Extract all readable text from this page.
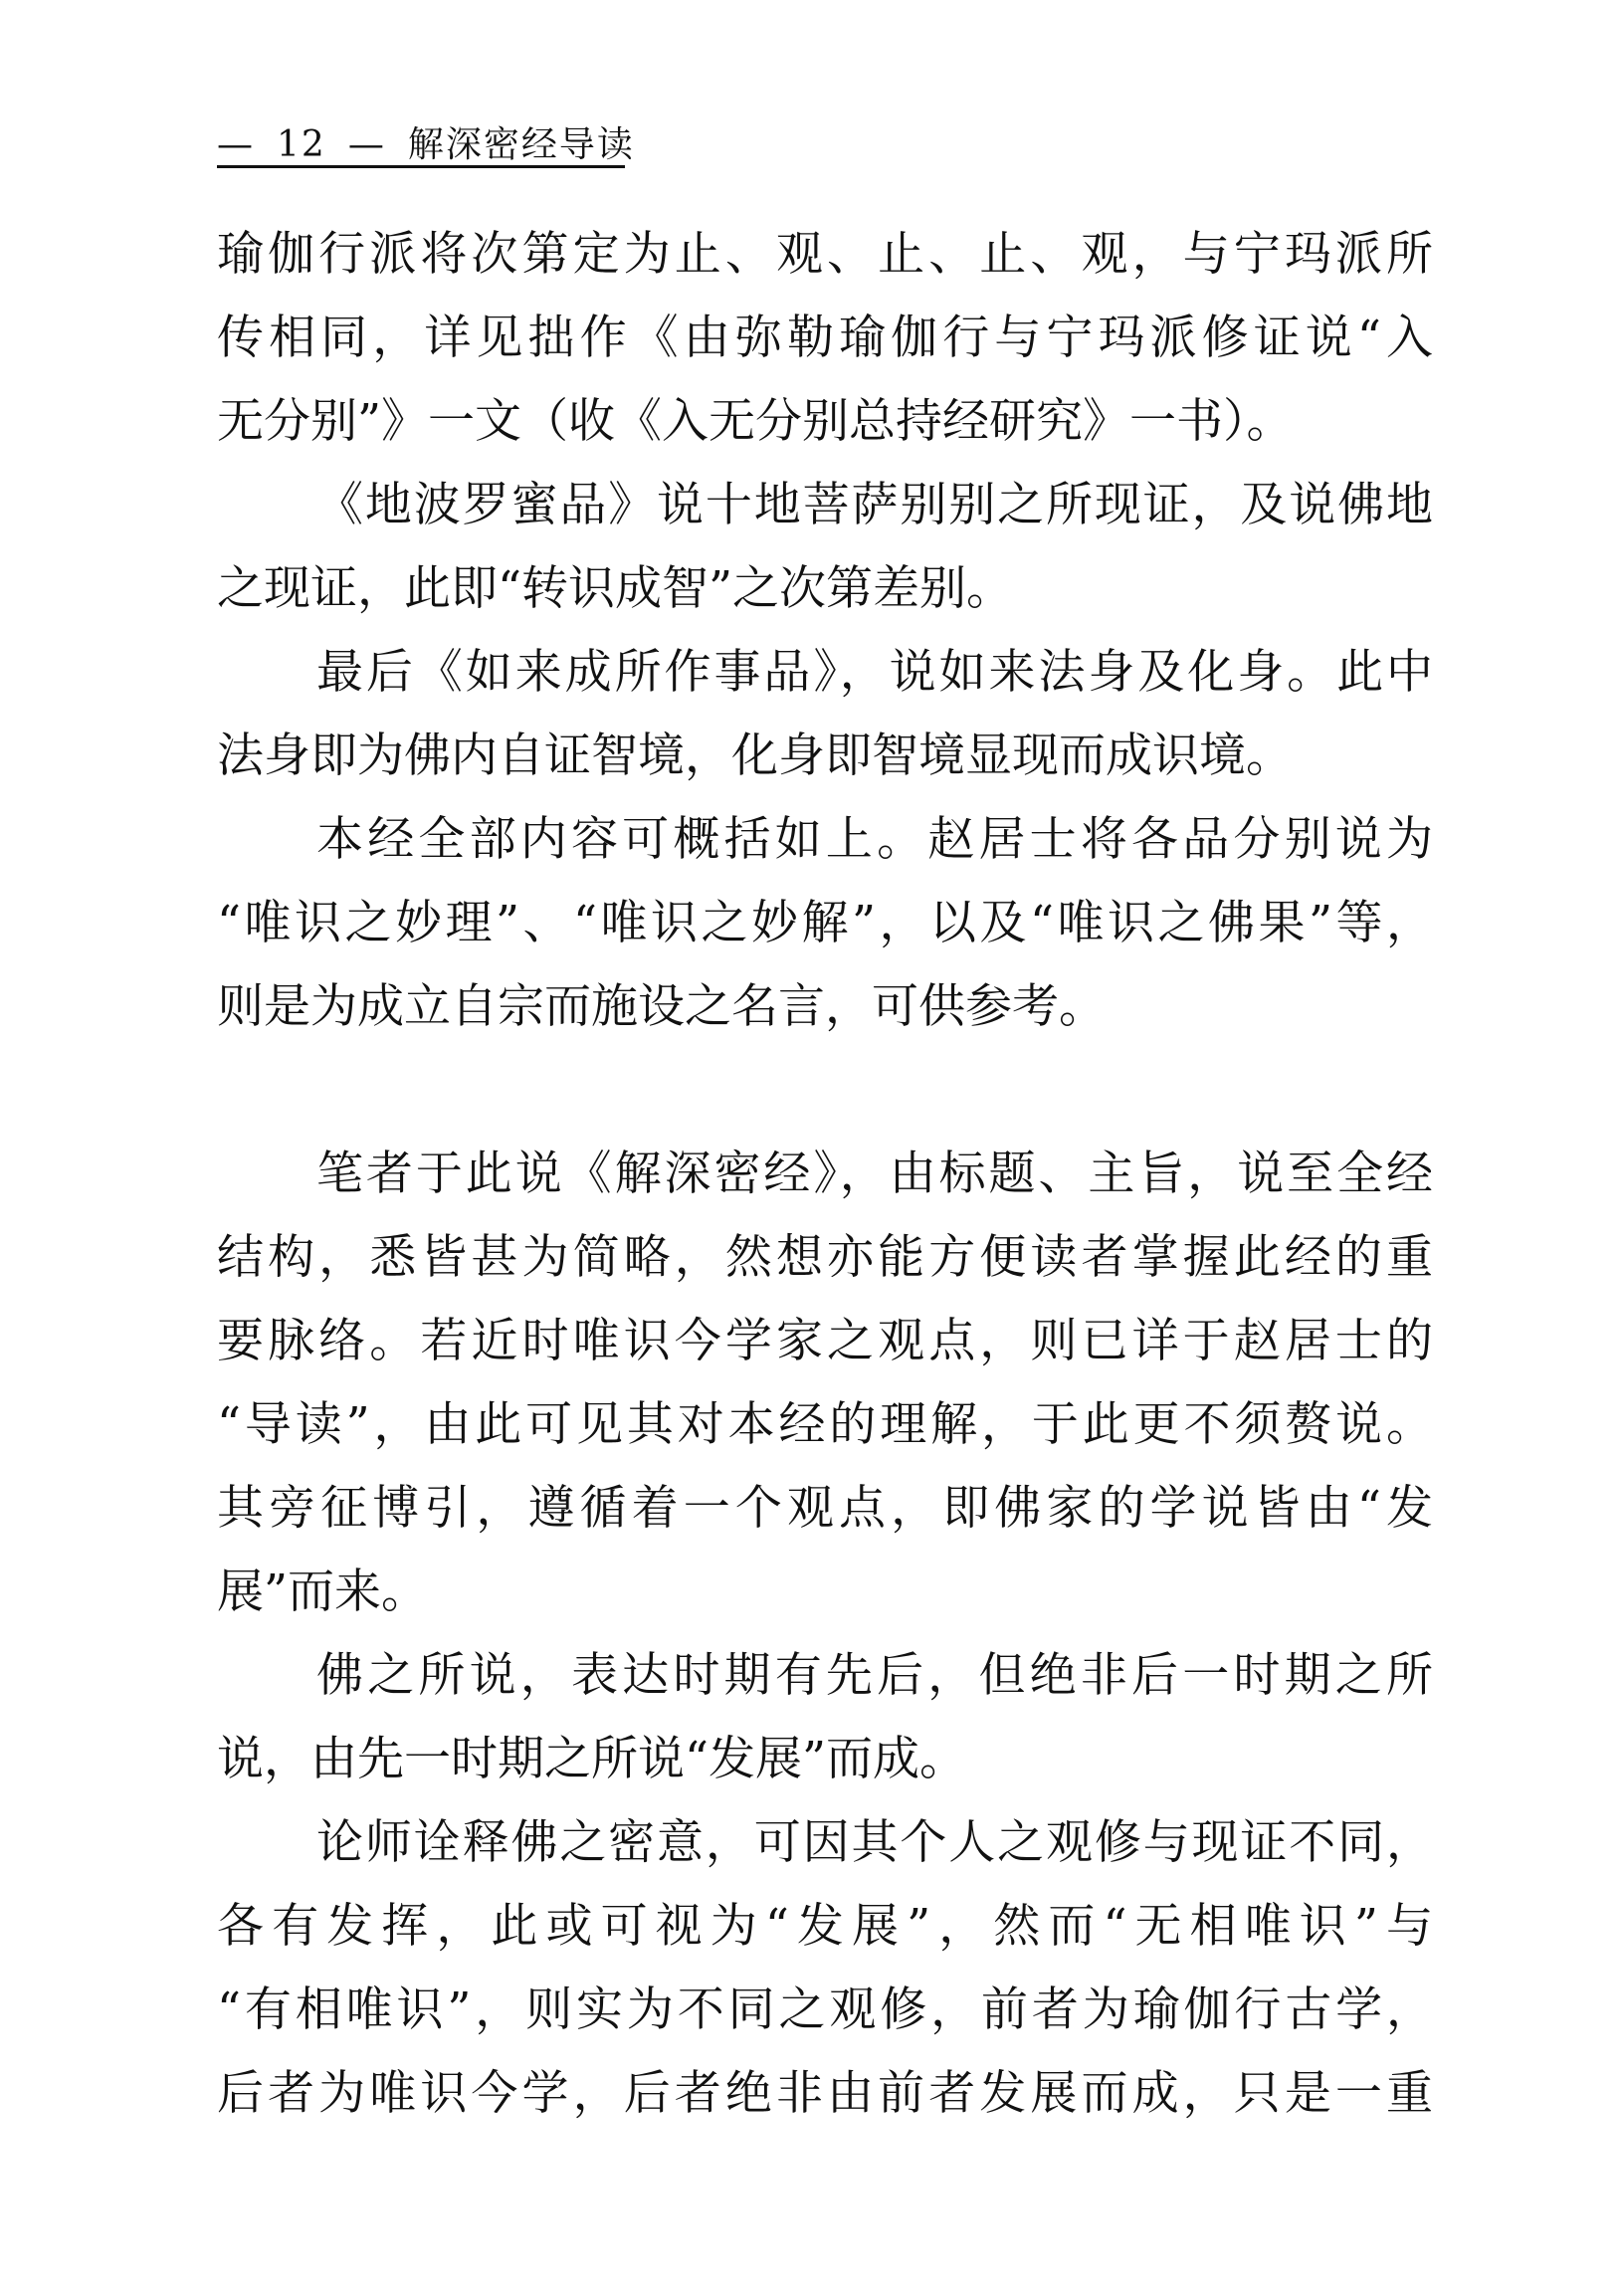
— 12 — 解深密经导读
瑜伽行派将次第定为止、观、止、止、观，与宁玛派所
传相同，详见拙作《由弥勒瑜伽行与宁玛派修证说“入
无分别”》一文（收《入无分别总持经研究》一书）。
《地波罗蜜品》说十地菩萨别别之所现证，及说佛地
之现证，此即“转识成智”之次第差别。
最后《如来成所作事品》，说如来法身及化身。此中
法身即为佛内自证智境，化身即智境显现而成识境。
本经全部内容可概括如上。赵居士将各品分别说为
“唯识之妙理”、“唯识之妙解”，以及“唯识之佛果”等，
则是为成立自宗而施设之名言，可供参考。
笔者于此说《解深密经》，由标题、主旨，说至全经
结构，悉皆甚为简略，然想亦能方便读者掌握此经的重
要脉络。若近时唯识今学家之观点，则已详于赵居士的
“导读”，由此可见其对本经的理解，于此更不须赘说。
其旁征博引，遵循着一个观点，即佛家的学说皆由“发
展”而来。
佛之所说，表达时期有先后，但绝非后一时期之所
说，由先一时期之所说“发展”而成。
论师诠释佛之密意，可因其个人之观修与现证不同，
各有发挥，此或可视为“发展”，然而“无相唯识”与
“有相唯识”，则实为不同之观修，前者为瑜伽行古学，
后者为唯识今学，后者绝非由前者发展而成，只是一重
